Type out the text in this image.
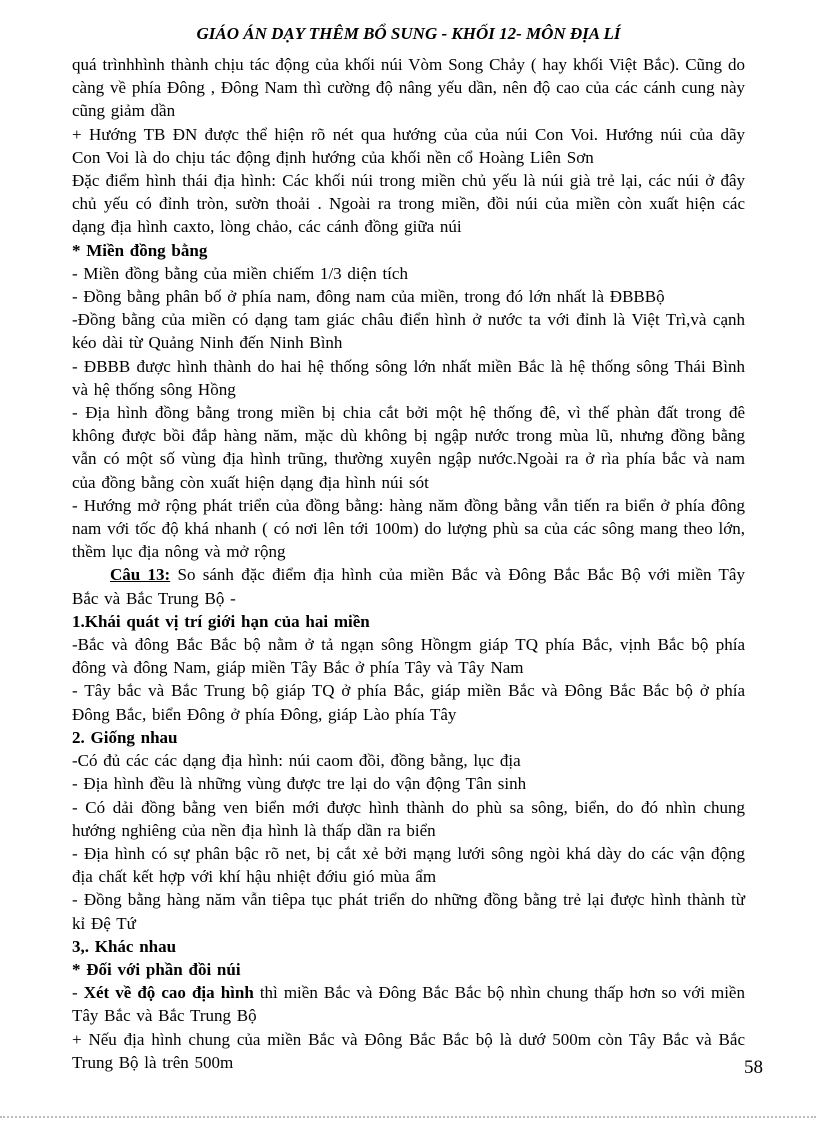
GIÁO ÁN DẠY THÊM BỔ SUNG - KHỐI 12- MÔN ĐỊA LÍ

quá trìnhhình thành chịu tác động của khối núi Vòm Song Chảy ( hay khối Việt Bắc). Cũng do càng về phía Đông , Đông Nam thì cường độ nâng yếu dần, nên độ cao của các cánh cung này cũng giảm dần

+ Hướng TB ĐN được thể hiện rõ nét qua hướng của của núi Con Voi. Hướng núi của dãy Con Voi là do chịu tác động định hướng của khối nền cổ Hoàng Liên Sơn

Đặc điểm hình thái địa hình: Các khối núi trong miền chủ yếu là núi già trẻ lại, các núi ở đây chủ yếu có đỉnh tròn, sườn thoải . Ngoài ra trong miền, đồi núi của miền còn xuất hiện các dạng địa hình caxto, lòng chảo, các cánh đồng giữa núi

* Miền đồng bằng

- Miền đồng bằng của miền chiếm 1/3 diện tích

- Đồng bằng phân bố ở phía nam, đông nam của miền, trong đó lớn nhất là ĐBBBộ

-Đồng bằng của miền có dạng tam giác châu điển hình ở nước ta với đỉnh là Việt Trì,và cạnh kéo dài từ Quảng Ninh đến Ninh Bình

- ĐBBB được hình thành do hai hệ thống sông lớn nhất miền Bắc là hệ thống sông Thái Bình và hệ thống sông Hồng

- Địa hình đồng bằng trong miền bị chia cắt bởi một hệ thống đê, vì thế phàn đất trong đê không được bồi đắp hàng năm, mặc dù không bị ngập nước trong mùa lũ, nhưng đồng bằng vẫn có một số vùng địa hình trũng, thường xuyên ngập nước.Ngoài ra ở rìa phía bắc và nam của đồng bằng còn xuất hiện dạng địa hình núi sót

- Hướng mở rộng phát triển của đồng bằng: hàng năm đồng bằng vẫn tiến ra biển ở phía đông nam với tốc độ khá nhanh ( có nơi lên tới 100m) do lượng phù sa của các sông mang theo lớn, thềm lục địa nông và mở rộng

Câu 13: So sánh đặc điểm địa hình của miền Bắc và Đông Bắc Bắc Bộ với miền Tây Bắc và Bắc Trung Bộ -

1.Khái quát vị trí giới hạn của hai miền

-Bắc và đông Bắc Bắc bộ nằm ở tả ngạn sông Hồngm giáp TQ phía Bắc, vịnh Bắc bộ phía đông và đông Nam, giáp miền Tây Bắc ở phía Tây và Tây Nam

- Tây bắc và Bắc Trung bộ giáp TQ ở phía Bắc, giáp miền Bắc và Đông Bắc Bắc bộ ở phía Đông Bắc, biển Đông ở phía Đông, giáp Lào phía Tây

2. Giống nhau

-Có đủ các các dạng địa hình: núi caom đồi, đồng bằng, lục địa

- Địa hình đều là những vùng được tre lại do vận động Tân sinh

- Có dải đồng bằng ven biển mới được hình thành do phù sa sông, biển, do đó nhìn chung hướng nghiêng của nền địa hình là thấp dần ra biển

- Địa hình có sự phân bậc rõ net, bị cắt xẻ bởi mạng lưới sông ngòi khá dày do các vận động địa chất kết hợp với khí hậu nhiệt đớiu gió mùa ẩm

- Đồng bằng hàng năm vẫn tiêpa tục phát triển do những đồng bằng trẻ lại được hình thành từ kỉ Đệ Tứ

3,. Khác nhau

* Đối với phần đồi núi

- Xét về độ cao địa hình thì miền Bắc và Đông Bắc Bắc bộ nhìn chung thấp hơn so với miền Tây Bắc và Bắc Trung Bộ

+ Nếu địa hình chung của miền Bắc và Đông Bắc Bắc bộ là dướ 500m còn Tây Bắc và Bắc Trung Bộ là trên 500m	58
